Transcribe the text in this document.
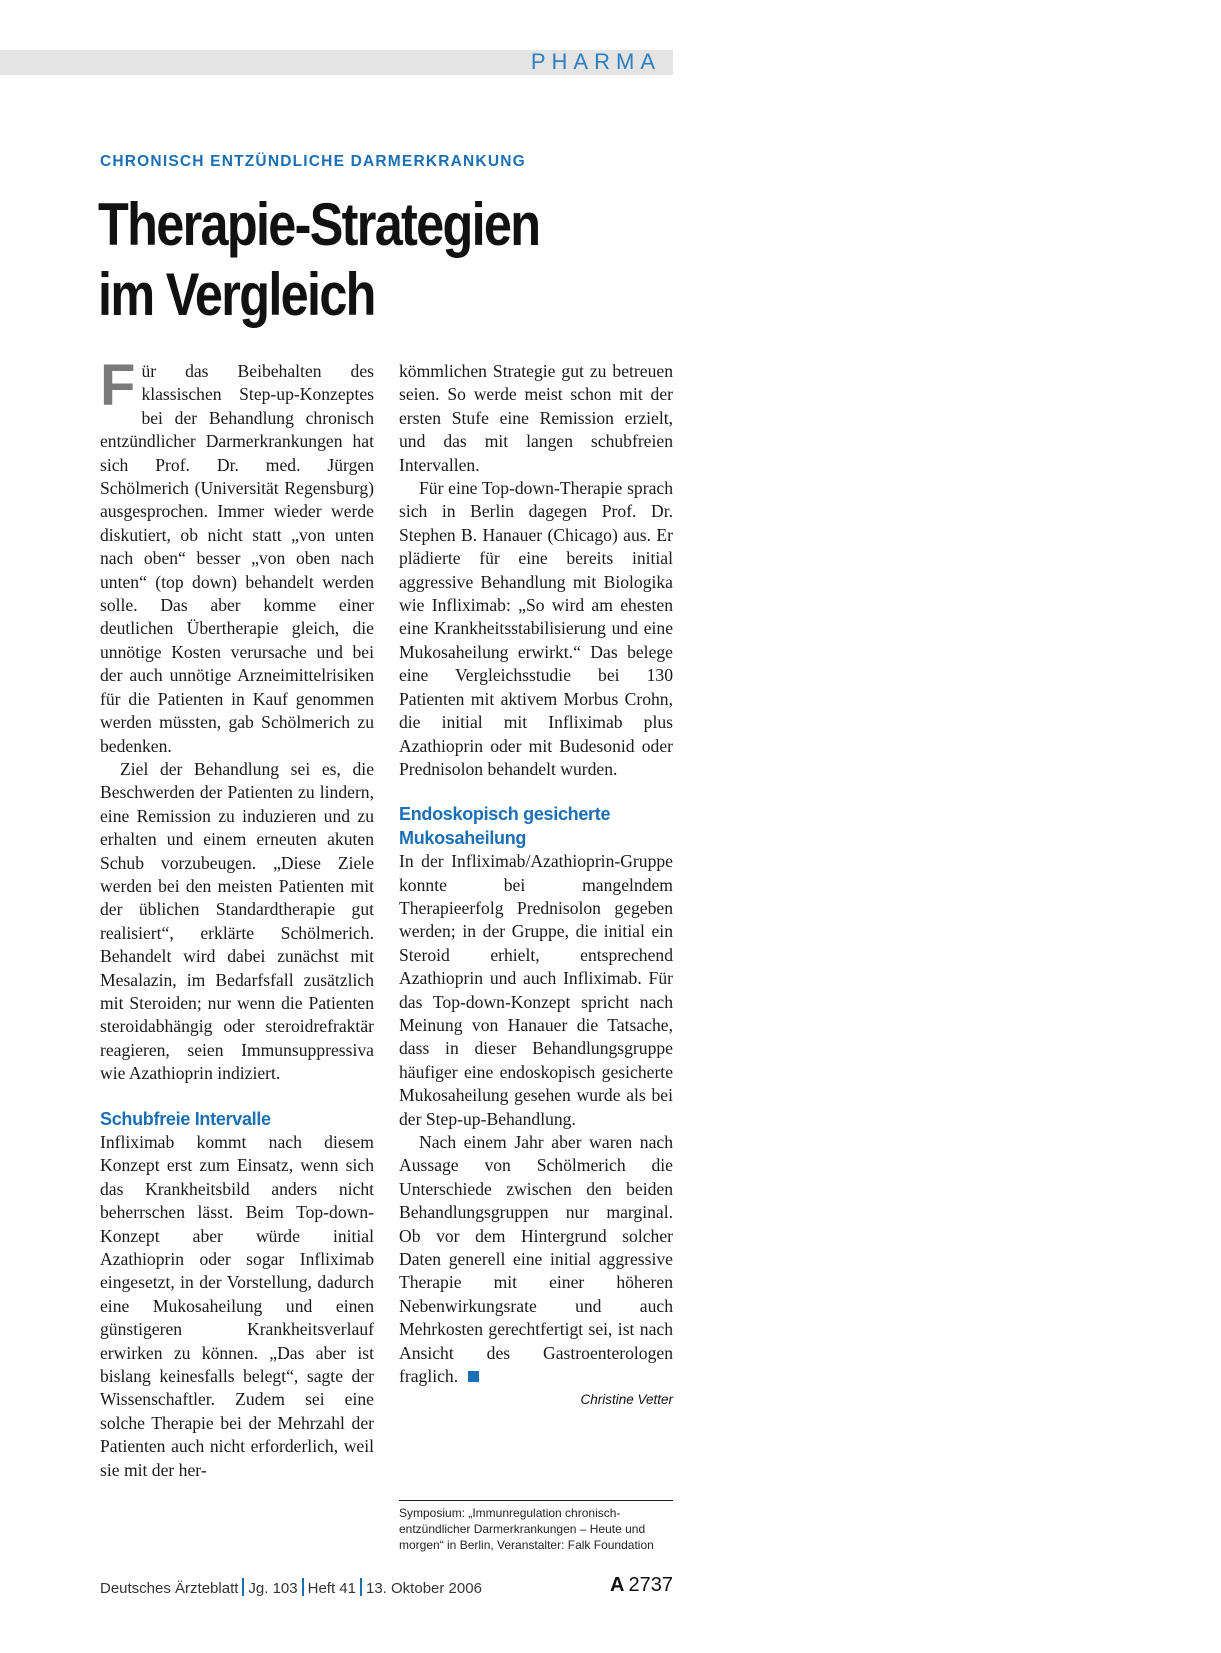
PHARMA
CHRONISCH ENTZÜNDLICHE DARMERKRANKUNG
Therapie-Strategien
im Vergleich

Für das Beibehalten des klassischen Step-up-Konzeptes bei der Behandlung chronisch entzündlicher Darmerkrankungen hat sich Prof. Dr. med. Jürgen Schölmerich (Universität Regensburg) ausgesprochen. Immer wieder werde diskutiert, ob nicht statt „von unten nach oben“ besser „von oben nach unten“ (top down) behandelt werden solle. Das aber komme einer deutlichen Übertherapie gleich, die unnötige Kosten verursache und bei der auch unnötige Arzneimittelrisiken für die Patienten in Kauf genommen werden müssten, gab Schölmerich zu bedenken.

Ziel der Behandlung sei es, die Beschwerden der Patienten zu lindern, eine Remission zu induzieren und zu erhalten und einem erneuten akuten Schub vorzubeugen. „Diese Ziele werden bei den meisten Patienten mit der üblichen Standardtherapie gut realisiert“, erklärte Schölmerich. Behandelt wird dabei zunächst mit Mesalazin, im Bedarfsfall zusätzlich mit Steroiden; nur wenn die Patienten steroidabhängig oder steroidrefraktär reagieren, seien Immunsuppressiva wie Azathioprin indiziert.

Schubfreie Intervalle

Infliximab kommt nach diesem Konzept erst zum Einsatz, wenn sich das Krankheitsbild anders nicht beherrschen lässt. Beim Top-down-Konzept aber würde initial Azathioprin oder sogar Infliximab eingesetzt, in der Vorstellung, dadurch eine Mukosaheilung und einen günstigeren Krankheitsverlauf erwirken zu können. „Das aber ist bislang keinesfalls belegt“, sagte der Wissenschaftler. Zudem sei eine solche Therapie bei der Mehrzahl der Patienten auch nicht erforderlich, weil sie mit der her-

kömmlichen Strategie gut zu betreuen seien. So werde meist schon mit der ersten Stufe eine Remission erzielt, und das mit langen schubfreien Intervallen.

Für eine Top-down-Therapie sprach sich in Berlin dagegen Prof. Dr. Stephen B. Hanauer (Chicago) aus. Er plädierte für eine bereits initial aggressive Behandlung mit Biologika wie Infliximab: „So wird am ehesten eine Krankheitsstabilisierung und eine Mukosaheilung erwirkt.“ Das belege eine Vergleichsstudie bei 130 Patienten mit aktivem Morbus Crohn, die initial mit Infliximab plus Azathioprin oder mit Budesonid oder Prednisolon behandelt wurden.

Endoskopisch gesicherte Mukosaheilung

In der Infliximab/Azathioprin-Gruppe konnte bei mangelndem Therapieerfolg Prednisolon gegeben werden; in der Gruppe, die initial ein Steroid erhielt, entsprechend Azathioprin und auch Infliximab. Für das Top-down-Konzept spricht nach Meinung von Hanauer die Tatsache, dass in dieser Behandlungsgruppe häufiger eine endoskopisch gesicherte Mukosaheilung gesehen wurde als bei der Step-up-Behandlung.

Nach einem Jahr aber waren nach Aussage von Schölmerich die Unterschiede zwischen den beiden Behandlungsgruppen nur marginal. Ob vor dem Hintergrund solcher Daten generell eine initial aggressive Therapie mit einer höheren Nebenwirkungsrate und auch Mehrkosten gerechtfertigt sei, ist nach Ansicht des Gastroenterologen fraglich.

Christine Vetter
Symposium: „Immunregulation chronisch-entzündlicher Darmerkrankungen – Heute und morgen“ in Berlin, Veranstalter: Falk Foundation
Deutsches Ärzteblatt Jg. 103 Heft 41 13. Oktober 2006	A 2737
